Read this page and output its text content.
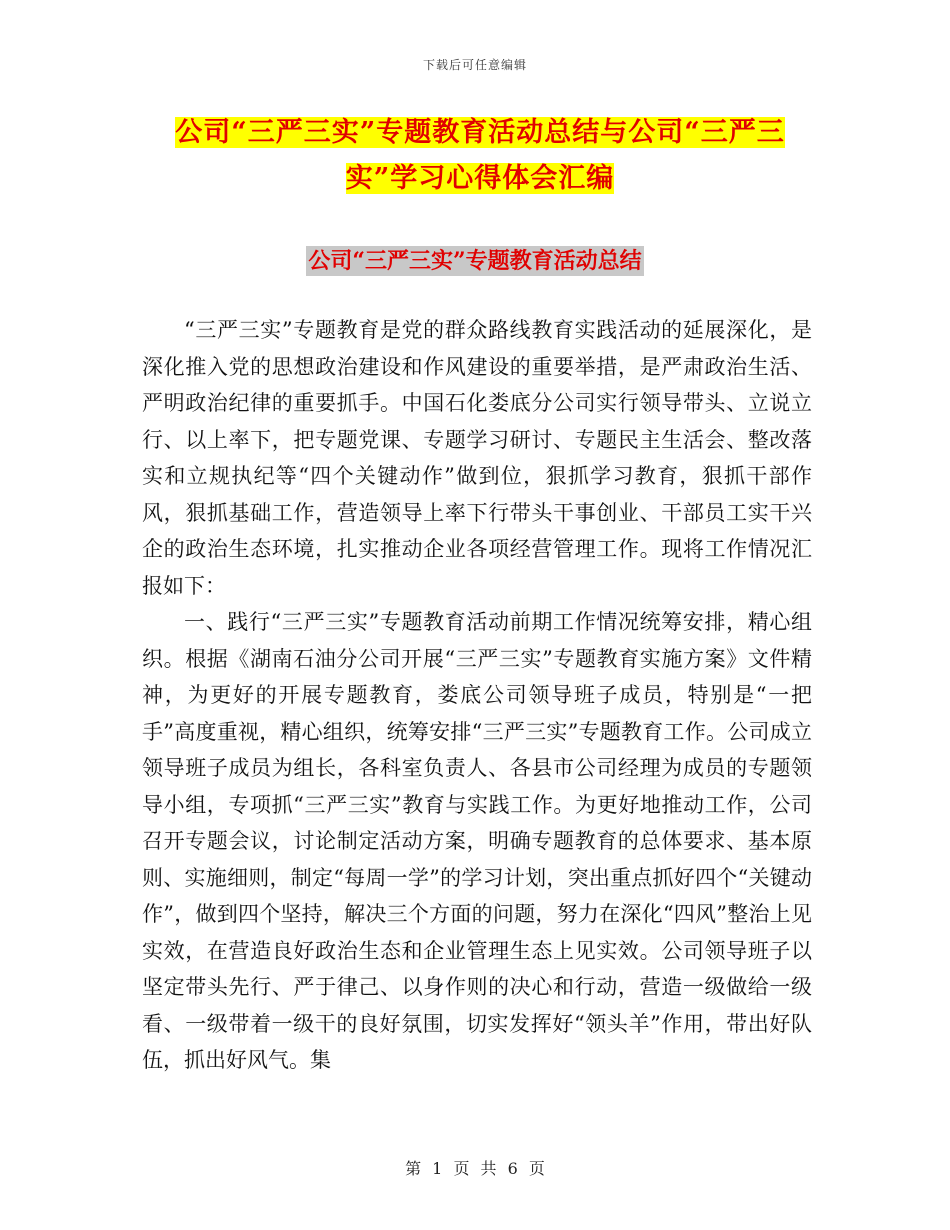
下载后可任意编辑
公司“三严三实”专题教育活动总结与公司“三严三实”学习心得体会汇编
公司“三严三实”专题教育活动总结

“三严三实”专题教育是党的群众路线教育实践活动的延展深化，是深化推入党的思想政治建设和作风建设的重要举措，是严肃政治生活、严明政治纪律的重要抓手。中国石化娄底分公司实行领导带头、立说立行、以上率下，把专题党课、专题学习研讨、专题民主生活会、整改落实和立规执纪等“四个关键动作”做到位，狠抓学习教育，狠抓干部作风，狠抓基础工作，营造领导上率下行带头干事创业、干部员工实干兴企的政治生态环境，扎实推动企业各项经营管理工作。现将工作情况汇报如下：

一、践行“三严三实”专题教育活动前期工作情况统筹安排，精心组织。根据《湖南石油分公司开展“三严三实”专题教育实施方案》文件精神，为更好的开展专题教育，娄底公司领导班子成员，特别是“一把手”高度重视，精心组织，统筹安排“三严三实”专题教育工作。公司成立领导班子成员为组长，各科室负责人、各县市公司经理为成员的专题领导小组，专项抓“三严三实”教育与实践工作。为更好地推动工作，公司召开专题会议，讨论制定活动方案，明确专题教育的总体要求、基本原则、实施细则，制定“每周一学”的学习计划，突出重点抓好四个“关键动作”，做到四个坚持，解决三个方面的问题，努力在深化“四风”整治上见实效，在营造良好政治生态和企业管理生态上见实效。公司领导班子以坚定带头先行、严于律己、以身作则的决心和行动，营造一级做给一级看、一级带着一级干的良好氛围，切实发挥好“领头羊”作用，带出好队伍，抓出好风气。集

第 1 页 共 6 页
